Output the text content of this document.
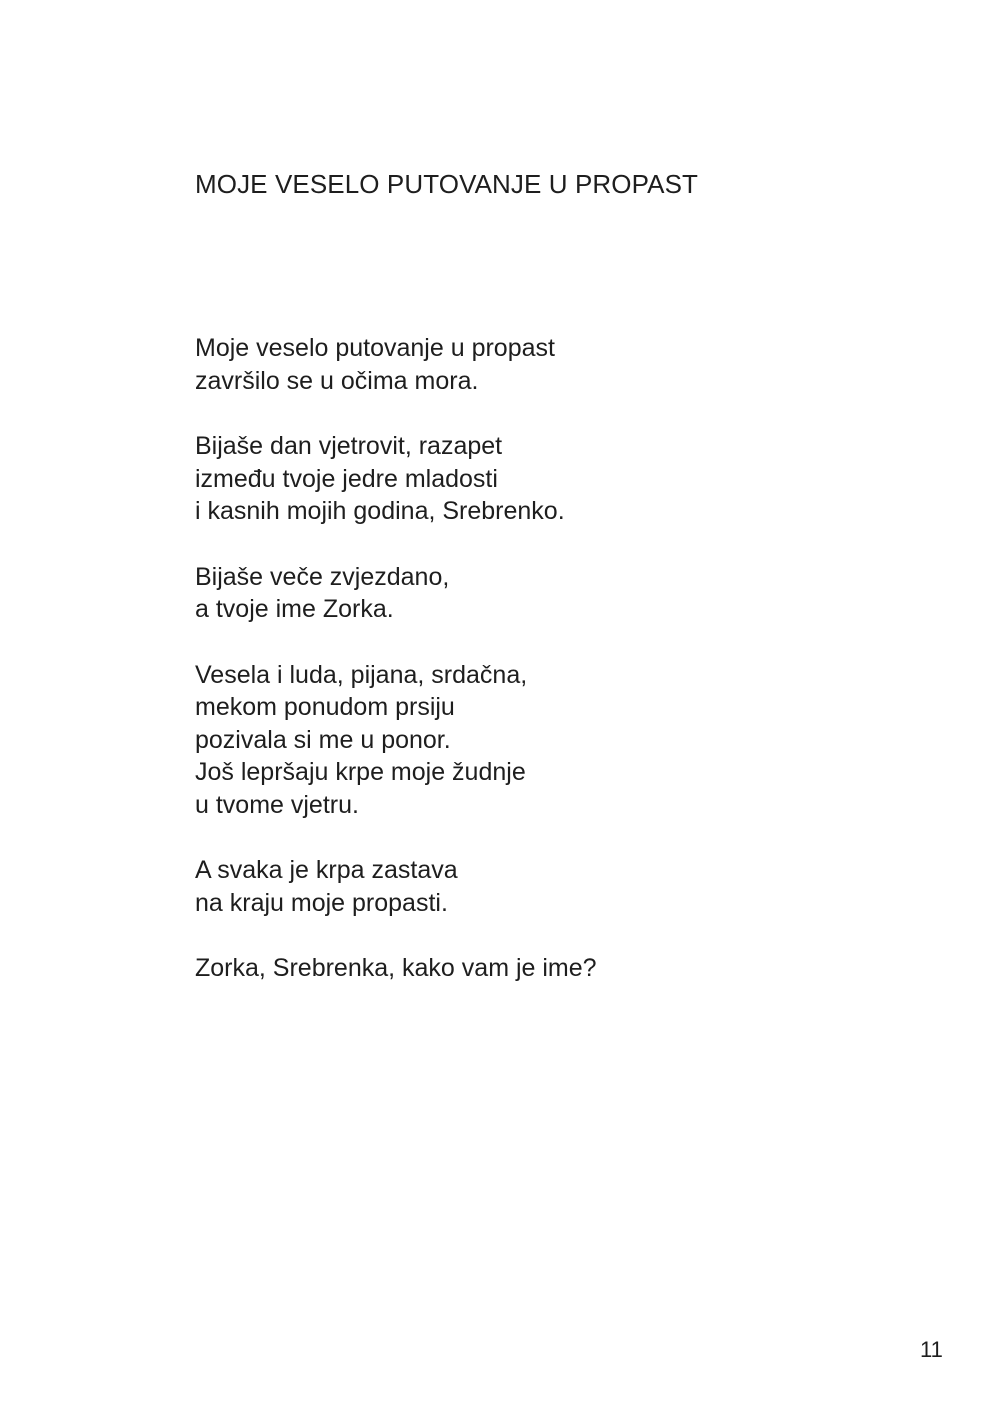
MOJE VESELO PUTOVANJE U PROPAST

Moje veselo putovanje u propast
završilo se u očima mora.

Bijaše dan vjetrovit, razapet
između tvoje jedre mladosti
i kasnih mojih godina, Srebrenko.

Bijaše veče zvjezdano,
a tvoje ime Zorka.

Vesela i luda, pijana, srdačna,
mekom ponudom prsiju
pozivala si me u ponor.
Još lepršaju krpe moje žudnje
u tvome vjetru.

A svaka je krpa zastava
na kraju moje propasti.

Zorka, Srebrenka, kako vam je ime?

11
